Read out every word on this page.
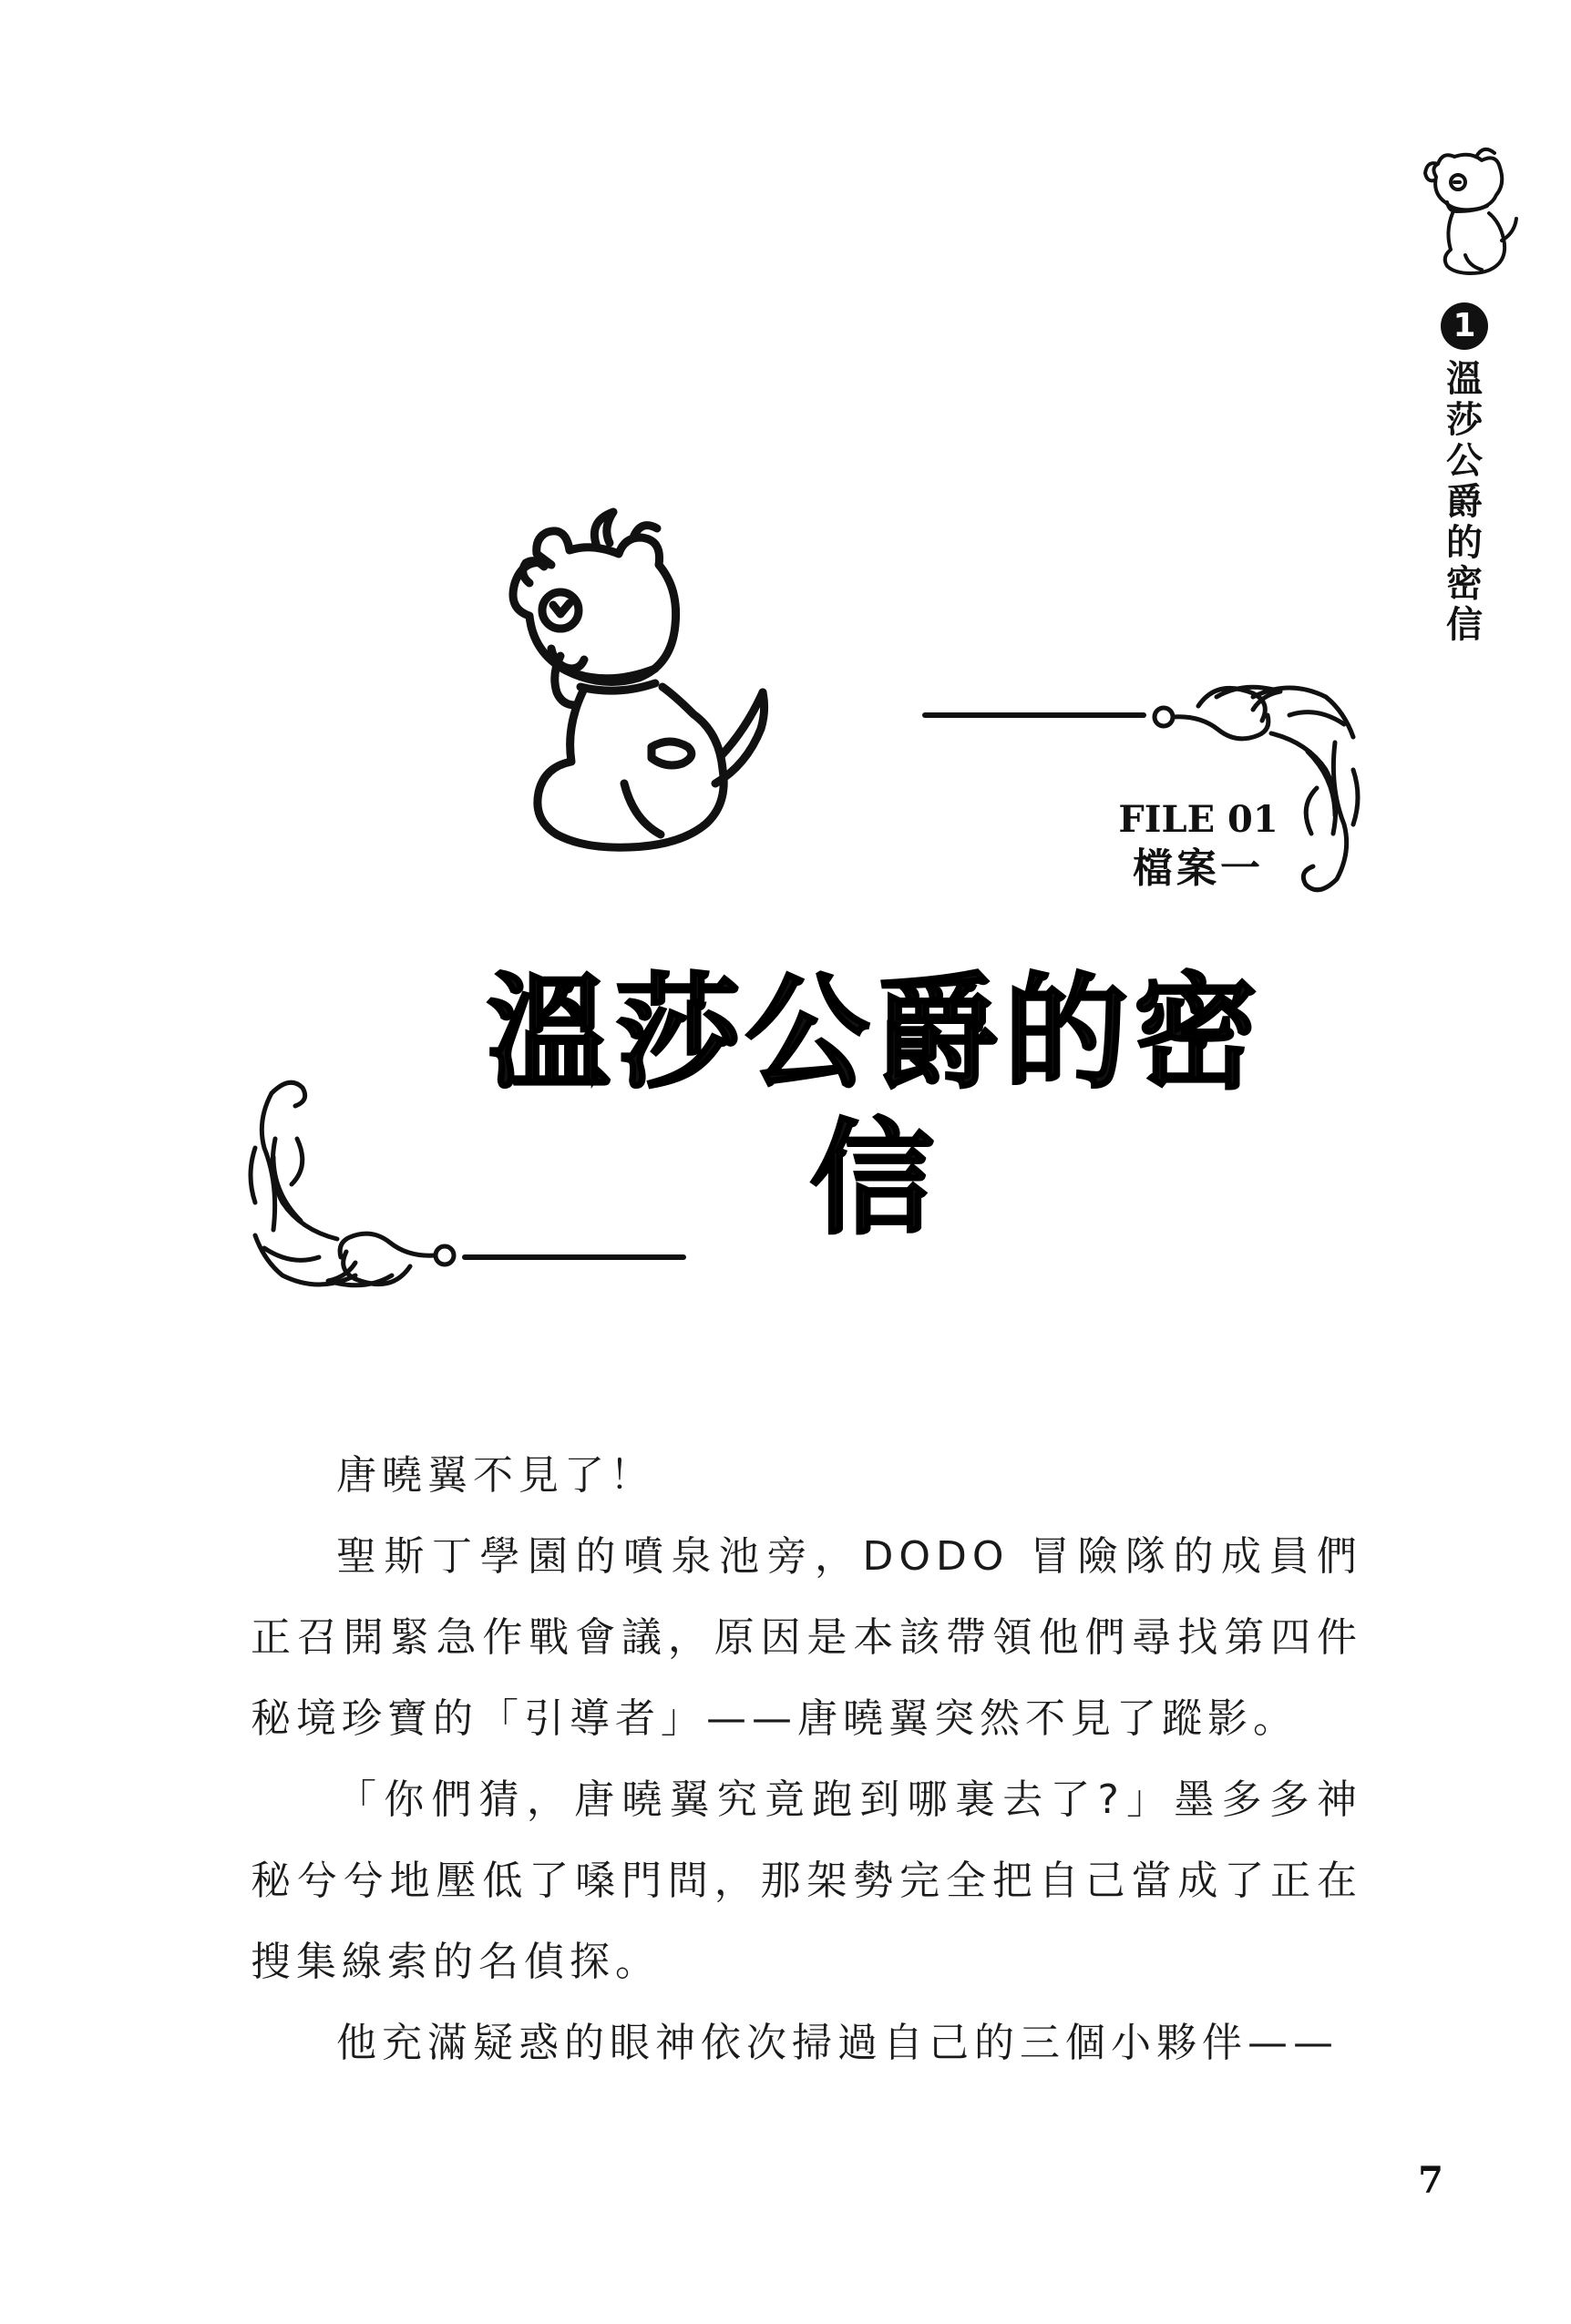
1
溫莎公爵的密信
FILE 01
檔案一
溫莎公爵的密信

唐曉翼不見了！

聖斯丁學園的噴泉池旁，DODO 冒險隊的成員們正召開緊急作戰會議，原因是本該帶領他們尋找第四件秘境珍寶的「引導者」——唐曉翼突然不見了蹤影。

「你們猜，唐曉翼究竟跑到哪裏去了?」墨多多神秘兮兮地壓低了嗓門問，那架勢完全把自己當成了正在搜集線索的名偵探。

他充滿疑惑的眼神依次掃過自己的三個小夥伴——

7
